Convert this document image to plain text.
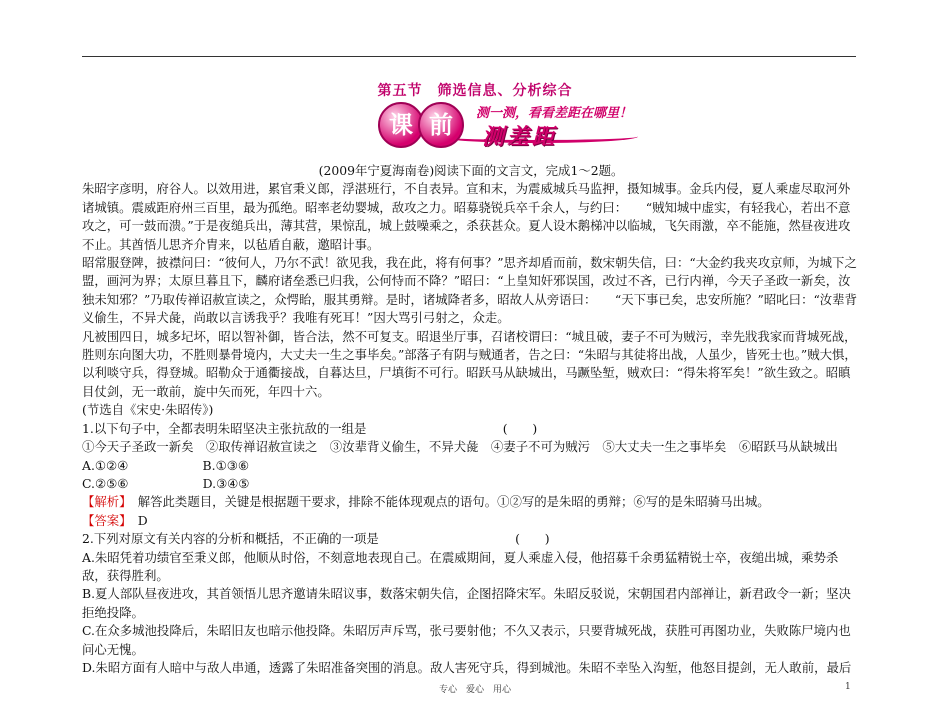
第五节　筛选信息、分析综合
课 前	测一测，看看差距在哪里！
测差距

(2009年宁夏海南卷)阅读下面的文言文，完成1～2题。

朱昭字彦明，府谷人。以效用进，累官秉义郎，浮湛班行，不自表异。宣和末，为震威城兵马监押，摄知城事。金兵内侵，夏人乘虚尽取河外诸城镇。震威距府州三百里，最为孤绝。昭率老幼婴城，敌攻之力。昭募骁锐兵卒千余人，与约曰：　　“贼知城中虚实，有轻我心，若出不意攻之，可一鼓而溃。”于是夜缒兵出，薄其营，果惊乱，城上鼓噪乘之，杀获甚众。夏人设木鹅梯冲以临城，飞矢雨激，卒不能施，然昼夜进攻不止。其酋悟儿思齐介胄来，以毡盾自蔽，邀昭计事。

昭常服登陴，披襟问曰：“彼何人，乃尔不武！欲见我，我在此，将有何事？”思齐却盾而前，数宋朝失信，曰：“大金约我夹攻京师，为城下之盟，画河为界；太原旦暮且下，麟府诸垒悉已归我，公何恃而不降？”昭曰：“上皇知奸邪误国，改过不吝，已行内禅，今天子圣政一新矣，汝独未知邪？”乃取传禅诏赦宣读之，众愕眙，服其勇辩。是时，诸城降者多，昭故人从旁语曰：　　“天下事已矣，忠安所施？”昭叱曰：“汝辈背义偷生，不异犬彘，尚敢以言诱我乎？我唯有死耳！”因大骂引弓射之，众走。

凡被围四日，城多圮坏，昭以智补御，皆合法，然不可复支。昭退坐厅事，召诸校谓曰：“城且破，妻子不可为贼污，幸先戕我家而背城死战，胜则东向图大功，不胜则暴骨境内，大丈夫一生之事毕矣。”部落子有阴与贼通者，告之曰：“朱昭与其徒将出战，人虽少，皆死士也。”贼大惧，以利啖守兵，得登城。昭勒众于通衢接战，自暮达旦，尸填街不可行。昭跃马从缺城出，马蹶坠堑，贼欢曰：“得朱将军矣！”欲生致之。昭瞋目仗剑，无一敢前，旋中矢而死，年四十六。

(节选自《宋史·朱昭传》)

1.以下句子中，全都表明朱昭坚决主张抗敌的一组是　　　　　　　　　　　(　　)

①今天子圣政一新矣　②取传禅诏赦宣读之　③汝辈背义偷生，不异犬彘　④妻子不可为贼污　⑤大丈夫一生之事毕矣　⑥昭跃马从缺城出

A.①②④　　　　　　B.①③⑥

C.②⑤⑥　　　　　　D.③④⑤

【解析】　解答此类题目，关键是根据题干要求，排除不能体现观点的语句。①②写的是朱昭的勇辩；⑥写的是朱昭骑马出城。

【答案】　D

2.下列对原文有关内容的分析和概括，不正确的一项是　　　　　　　　　　　(　　)

A.朱昭凭着功绩官至秉义郎，他顺从时俗，不刻意地表现自己。在震威期间，夏人乘虚入侵，他招募千余勇猛精锐士卒，夜缒出城，乘势杀敌，获得胜利。

B.夏人部队昼夜进攻，其首领悟儿思齐邀请朱昭议事，数落宋朝失信，企图招降宋军。朱昭反驳说，宋朝国君内部禅让，新君政令一新；坚决拒绝投降。

C.在众多城池投降后，朱昭旧友也暗示他投降。朱昭厉声斥骂，张弓要射他；不久又表示，只要背城死战，获胜可再图功业，失败陈尸境内也问心无愧。

D.朱昭方面有人暗中与敌人串通，透露了朱昭准备突围的消息。敌人害死守兵，得到城池。朱昭不幸坠入沟堑，他怒目提剑，无人敢前，最后

专心　爱心　用心	1
